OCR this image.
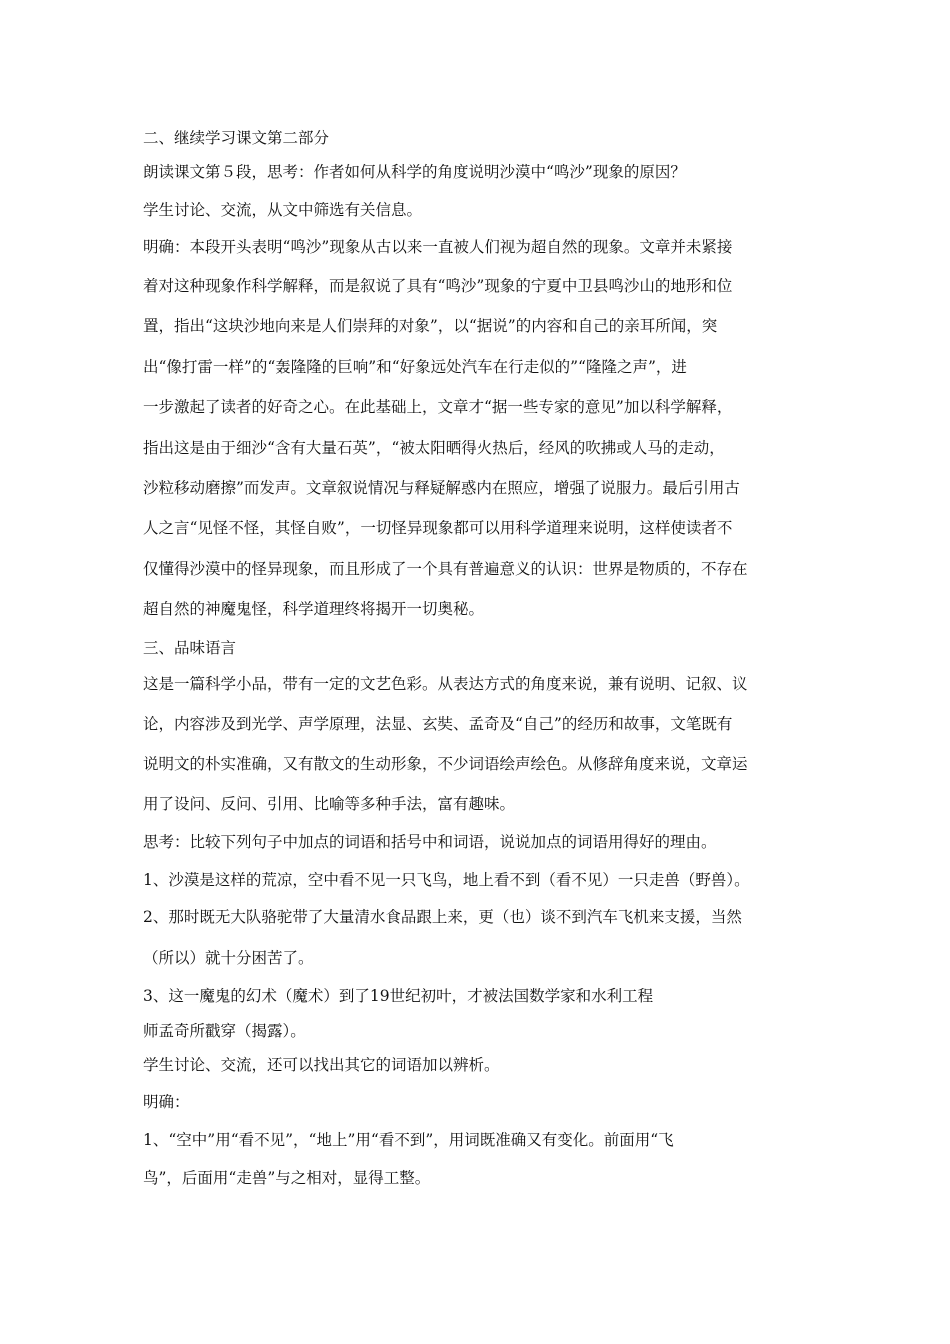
二、继续学习课文第二部分
朗读课文第５段，思考：作者如何从科学的角度说明沙漠中“鸣沙”现象的原因？
学生讨论、交流，从文中筛选有关信息。
明确：本段开头表明“鸣沙”现象从古以来一直被人们视为超自然的现象。文章并未紧接
着对这种现象作科学解释，而是叙说了具有“鸣沙”现象的宁夏中卫县鸣沙山的地形和位
置，指出“这块沙地向来是人们崇拜的对象”，以“据说”的内容和自己的亲耳所闻，突
出“像打雷一样”的“轰隆隆的巨响”和“好象远处汽车在行走似的”“隆隆之声”，进
一步激起了读者的好奇之心。在此基础上，文章才“据一些专家的意见”加以科学解释，
指出这是由于细沙“含有大量石英”，“被太阳晒得火热后，经风的吹拂或人马的走动，
沙粒移动磨擦”而发声。文章叙说情况与释疑解惑内在照应，增强了说服力。最后引用古
人之言“见怪不怪，其怪自败”，一切怪异现象都可以用科学道理来说明，这样使读者不
仅懂得沙漠中的怪异现象，而且形成了一个具有普遍意义的认识：世界是物质的，不存在
超自然的神魔鬼怪，科学道理终将揭开一切奥秘。
三、品味语言
这是一篇科学小品，带有一定的文艺色彩。从表达方式的角度来说，兼有说明、记叙、议
论，内容涉及到光学、声学原理，法显、玄奘、孟奇及“自己”的经历和故事，文笔既有
说明文的朴实准确，又有散文的生动形象，不少词语绘声绘色。从修辞角度来说，文章运
用了设问、反问、引用、比喻等多种手法，富有趣味。
思考：比较下列句子中加点的词语和括号中和词语，说说加点的词语用得好的理由。
1、沙漠是这样的荒凉，空中看不见一只飞鸟，地上看不到（看不见）一只走兽（野兽）。
2、那时既无大队骆驼带了大量清水食品跟上来，更（也）谈不到汽车飞机来支援，当然
（所以）就十分困苦了。
3、这一魔鬼的幻术（魔术）到了19世纪初叶，才被法国数学家和水利工程
师孟奇所戳穿（揭露）。
学生讨论、交流，还可以找出其它的词语加以辨析。
明确：
1、“空中”用“看不见”，“地上”用“看不到”，用词既准确又有变化。前面用“飞
鸟”，后面用“走兽”与之相对，显得工整。
